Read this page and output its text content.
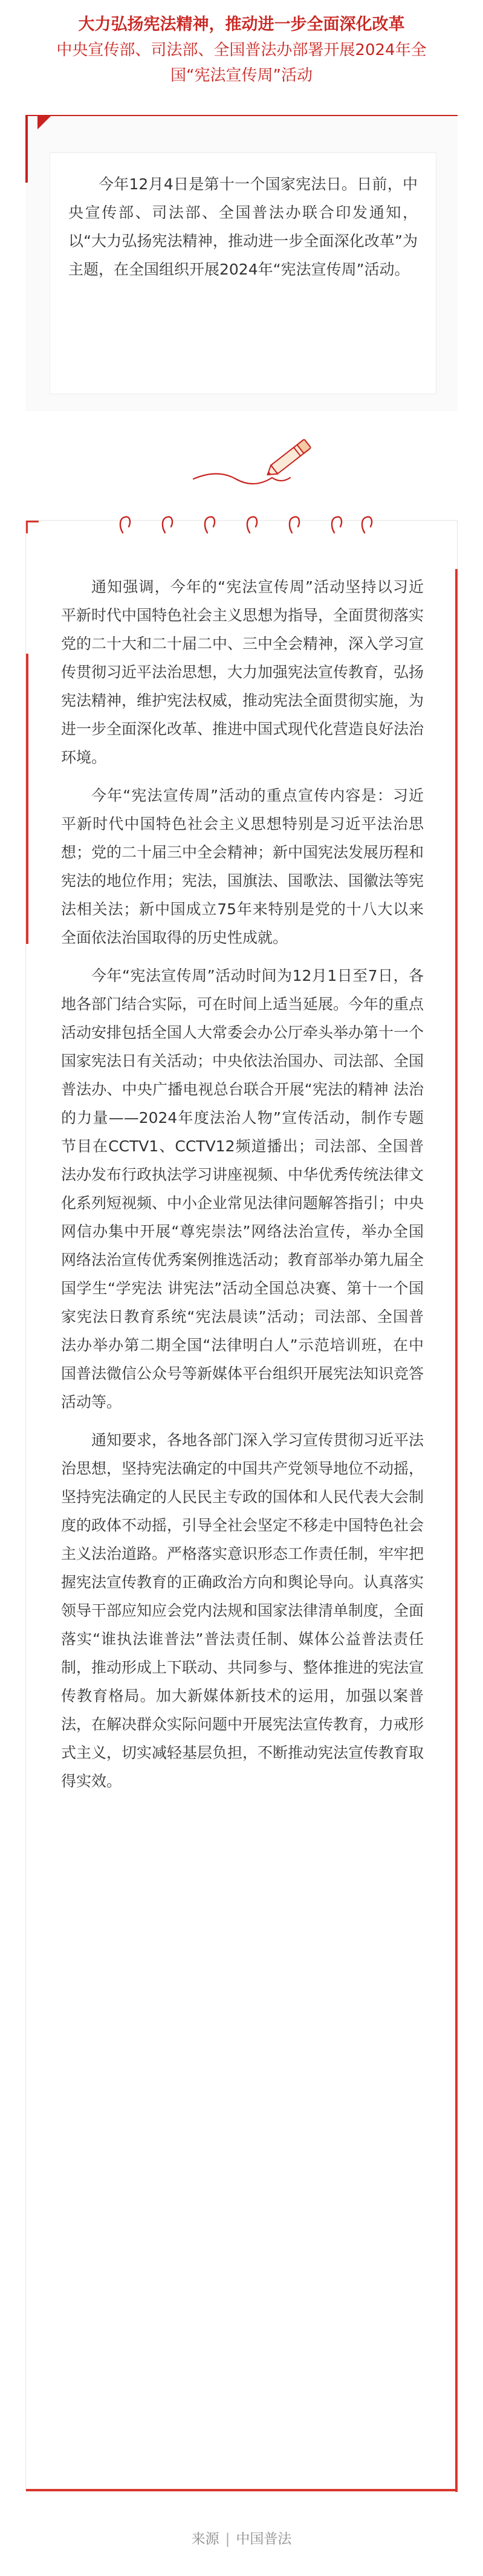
大力弘扬宪法精神，推动进一步全面深化改革
中央宣传部、司法部、全国普法办部署开展2024年全
国“宪法宣传周”活动

今年12月4日是第十一个国家宪法日。日前，中央宣传部、司法部、全国普法办联合印发通知，以“大力弘扬宪法精神，推动进一步全面深化改革”为主题，在全国组织开展2024年“宪法宣传周”活动。

通知强调，今年的“宪法宣传周”活动坚持以习近平新时代中国特色社会主义思想为指导，全面贯彻落实党的二十大和二十届二中、三中全会精神，深入学习宣传贯彻习近平法治思想，大力加强宪法宣传教育，弘扬宪法精神，维护宪法权威，推动宪法全面贯彻实施，为进一步全面深化改革、推进中国式现代化营造良好法治环境。

今年“宪法宣传周”活动的重点宣传内容是：习近平新时代中国特色社会主义思想特别是习近平法治思想；党的二十届三中全会精神；新中国宪法发展历程和宪法的地位作用；宪法，国旗法、国歌法、国徽法等宪法相关法；新中国成立75年来特别是党的十八大以来全面依法治国取得的历史性成就。

今年“宪法宣传周”活动时间为12月1日至7日，各地各部门结合实际，可在时间上适当延展。今年的重点活动安排包括全国人大常委会办公厅牵头举办第十一个国家宪法日有关活动；中央依法治国办、司法部、全国普法办、中央广播电视总台联合开展“宪法的精神 法治的力量——2024年度法治人物”宣传活动，制作专题节目在CCTV1、CCTV12频道播出；司法部、全国普法办发布行政执法学习讲座视频、中华优秀传统法律文化系列短视频、中小企业常见法律问题解答指引；中央网信办集中开展“尊宪崇法”网络法治宣传，举办全国网络法治宣传优秀案例推选活动；教育部举办第九届全国学生“学宪法 讲宪法”活动全国总决赛、第十一个国家宪法日教育系统“宪法晨读”活动；司法部、全国普法办举办第二期全国“法律明白人”示范培训班，在中国普法微信公众号等新媒体平台组织开展宪法知识竞答活动等。

通知要求，各地各部门深入学习宣传贯彻习近平法治思想，坚持宪法确定的中国共产党领导地位不动摇，坚持宪法确定的人民民主专政的国体和人民代表大会制度的政体不动摇，引导全社会坚定不移走中国特色社会主义法治道路。严格落实意识形态工作责任制，牢牢把握宪法宣传教育的正确政治方向和舆论导向。认真落实领导干部应知应会党内法规和国家法律清单制度，全面落实“谁执法谁普法”普法责任制、媒体公益普法责任制，推动形成上下联动、共同参与、整体推进的宪法宣传教育格局。加大新媒体新技术的运用，加强以案普法，在解决群众实际问题中开展宪法宣传教育，力戒形式主义，切实减轻基层负担，不断推动宪法宣传教育取得实效。

来源 | 中国普法
